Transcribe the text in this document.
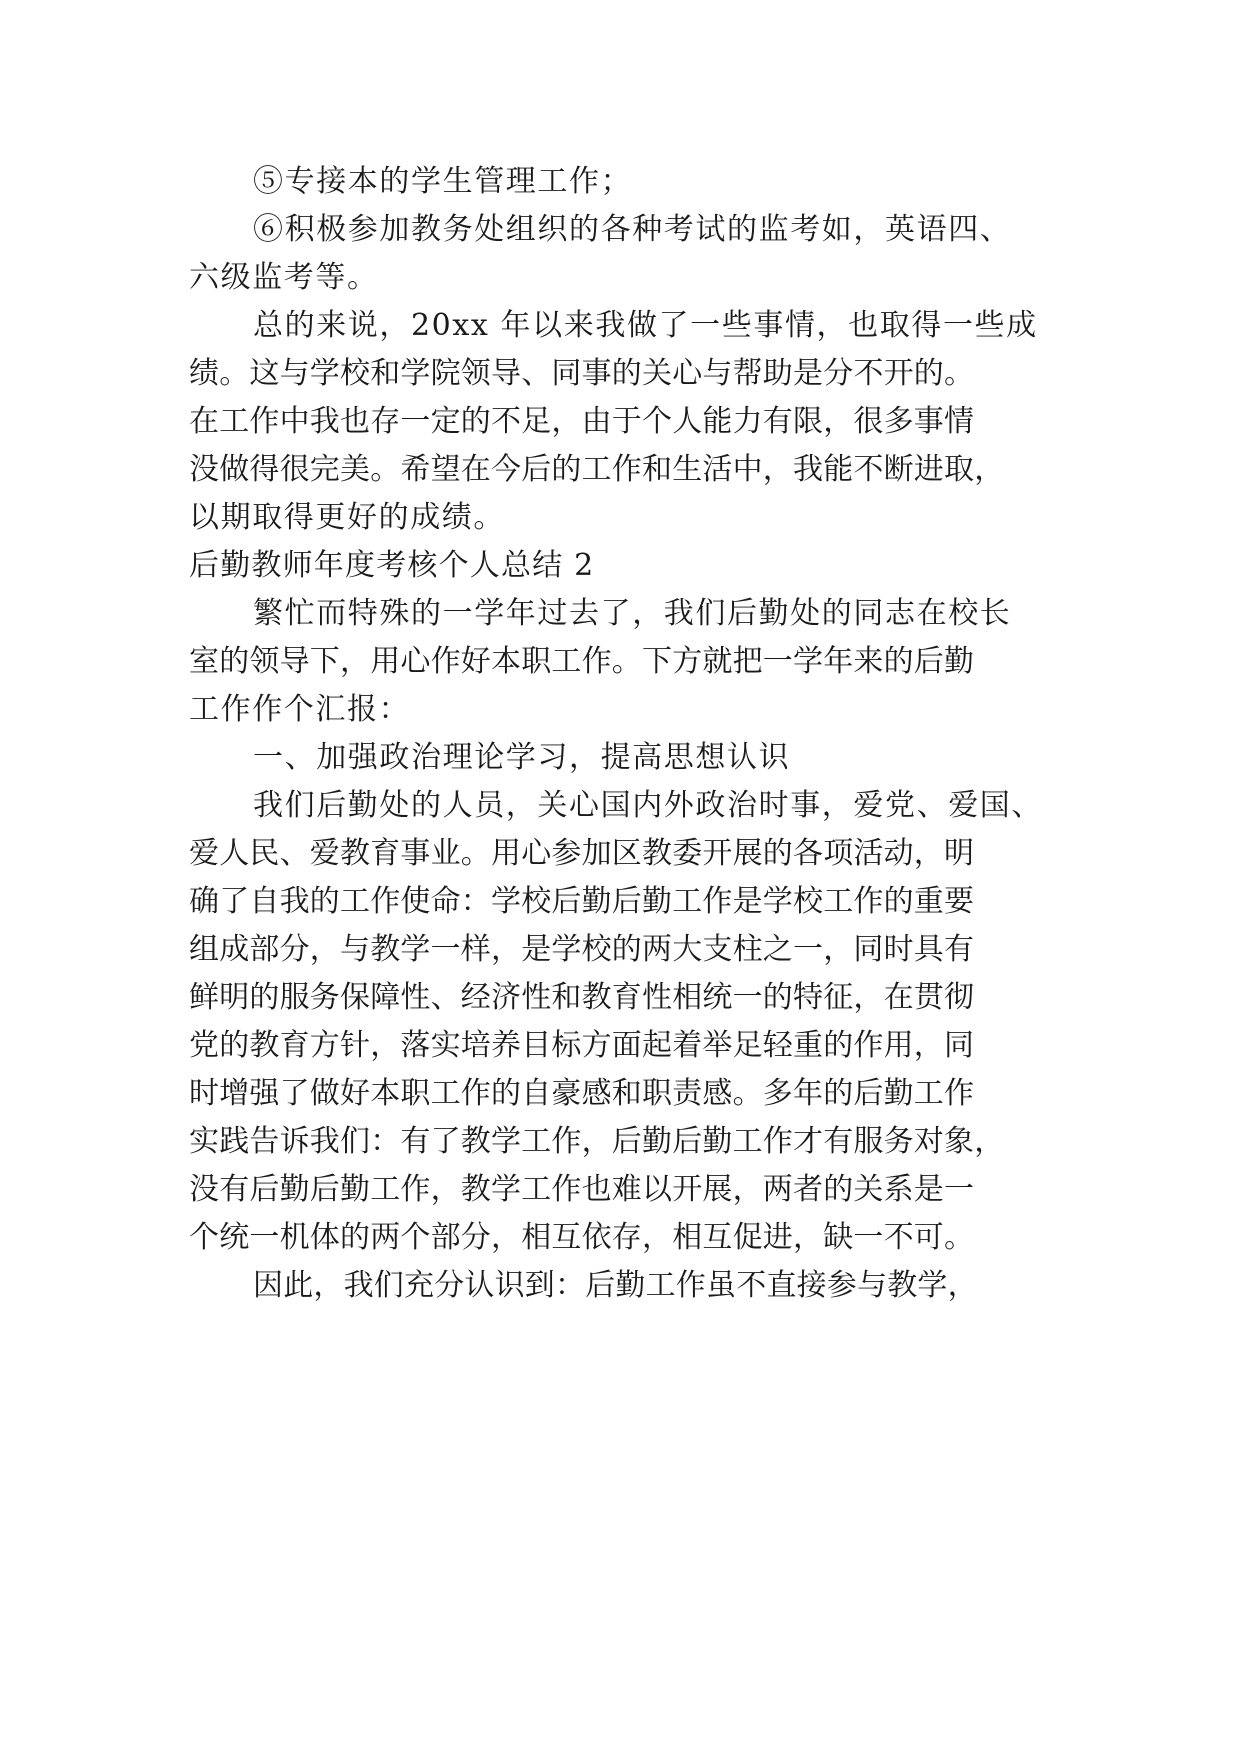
⑤专接本的学生管理工作；
⑥积极参加教务处组织的各种考试的监考如，英语四、
六级监考等。
总的来说，20xx 年以来我做了一些事情，也取得一些成
绩。这与学校和学院领导、同事的关心与帮助是分不开的。
在工作中我也存一定的不足，由于个人能力有限，很多事情
没做得很完美。希望在今后的工作和生活中，我能不断进取，
以期取得更好的成绩。
后勤教师年度考核个人总结 2
繁忙而特殊的一学年过去了，我们后勤处的同志在校长
室的领导下，用心作好本职工作。下方就把一学年来的后勤
工作作个汇报：
一、加强政治理论学习，提高思想认识
我们后勤处的人员，关心国内外政治时事，爱党、爱国、
爱人民、爱教育事业。用心参加区教委开展的各项活动，明
确了自我的工作使命：学校后勤后勤工作是学校工作的重要
组成部分，与教学一样，是学校的两大支柱之一，同时具有
鲜明的服务保障性、经济性和教育性相统一的特征，在贯彻
党的教育方针，落实培养目标方面起着举足轻重的作用，同
时增强了做好本职工作的自豪感和职责感。多年的后勤工作
实践告诉我们：有了教学工作，后勤后勤工作才有服务对象，
没有后勤后勤工作，教学工作也难以开展，两者的关系是一
个统一机体的两个部分，相互依存，相互促进，缺一不可。
因此，我们充分认识到：后勤工作虽不直接参与教学，
